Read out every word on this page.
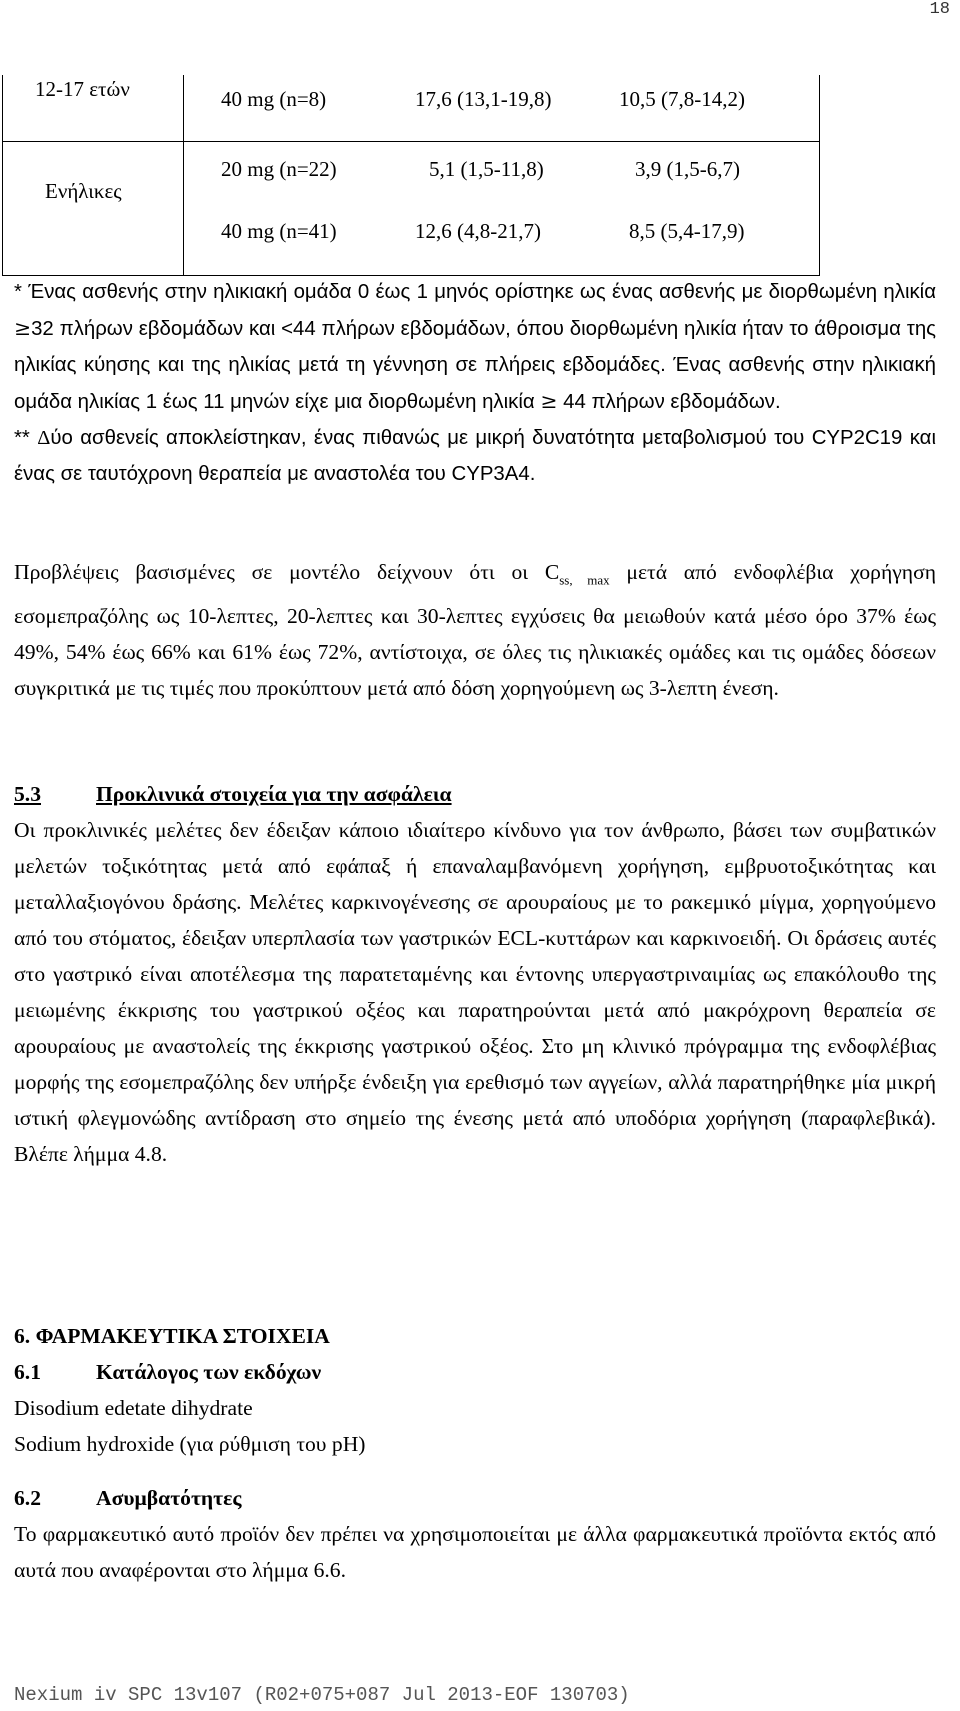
18
12-17 ετών	40 mg (n=8)	17,6 (13,1-19,8)	10,5 (7,8-14,2)
Ενήλικες
20 mg (n=22)	5,1 (1,5-11,8)	3,9 (1,5-6,7)
40 mg (n=41)	12,6 (4,8-21,7)	8,5 (5,4-17,9)

* Ένας ασθενής στην ηλικιακή ομάδα 0 έως 1 μηνός ορίστηκε ως ένας ασθενής με διορθωμένη ηλικία ≥32 πλήρων εβδομάδων και <44 πλήρων εβδομάδων, όπου διορθωμένη ηλικία ήταν το άθροισμα της ηλικίας κύησης και της ηλικίας μετά τη γέννηση σε πλήρεις εβδομάδες. Ένας ασθενής στην ηλικιακή ομάδα ηλικίας 1 έως 11 μηνών είχε μια διορθωμένη ηλικία ≥ 44 πλήρων εβδομάδων.

** Δύο ασθενείς αποκλείστηκαν, ένας πιθανώς με μικρή δυνατότητα μεταβολισμού του CYP2C19 και ένας σε ταυτόχρονη θεραπεία με αναστολέα του CYP3A4.

Προβλέψεις βασισμένες σε μοντέλο δείχνουν ότι οι $C_{ss, max}$ μετά από ενδοφλέβια χορήγηση εσομεπραζόλης ως 10-λεπτες, 20-λεπτες και 30-λεπτες εγχύσεις θα μειωθούν κατά μέσο όρο 37% έως 49%, 54% έως 66% και 61% έως 72%, αντίστοιχα, σε όλες τις ηλικιακές ομάδες και τις ομάδες δόσεων συγκριτικά με τις τιμές που προκύπτουν μετά από δόση χορηγούμενη ως 3-λεπτη ένεση.

5.3	Προκλινικά στοιχεία για την ασφάλεια

Οι προκλινικές μελέτες δεν έδειξαν κάποιο ιδιαίτερο κίνδυνο για τον άνθρωπο, βάσει των συμβατικών μελετών τοξικότητας μετά από εφάπαξ ή επαναλαμβανόμενη χορήγηση, εμβρυοτοξικότητας και μεταλλαξιογόνου δράσης. Μελέτες καρκινογένεσης σε αρουραίους με το ρακεμικό μίγμα, χορηγούμενο από του στόματος, έδειξαν υπερπλασία των γαστρικών ECL-κυττάρων και καρκινοειδή. Οι δράσεις αυτές στο γαστρικό είναι αποτέλεσμα της παρατεταμένης και έντονης υπεργαστριναιμίας ως επακόλουθο της μειωμένης έκκρισης του γαστρικού οξέος και παρατηρούνται μετά από μακρόχρονη θεραπεία σε αρουραίους με αναστολείς της έκκρισης γαστρικού οξέος. Στο μη κλινικό πρόγραμμα της ενδοφλέβιας μορφής της εσομεπραζόλης δεν υπήρξε ένδειξη για ερεθισμό των αγγείων, αλλά παρατηρήθηκε μία μικρή ιστική φλεγμονώδης αντίδραση στο σημείο της ένεσης μετά από υποδόρια χορήγηση (παραφλεβικά). Βλέπε λήμμα 4.8.

6. ΦΑΡΜΑΚΕΥΤΙΚΑ ΣΤΟΙΧΕΙΑ

6.1	Κατάλογος των εκδόχων

Disodium edetate dihydrate

Sodium hydroxide (για ρύθμιση του pH)

6.2	Ασυμβατότητες

Το φαρμακευτικό αυτό προϊόν δεν πρέπει να χρησιμοποιείται με άλλα φαρμακευτικά προϊόντα εκτός από αυτά που αναφέρονται στο λήμμα 6.6.

Nexium iv SPC 13v107 (R02+075+087 Jul 2013-EOF 130703)
